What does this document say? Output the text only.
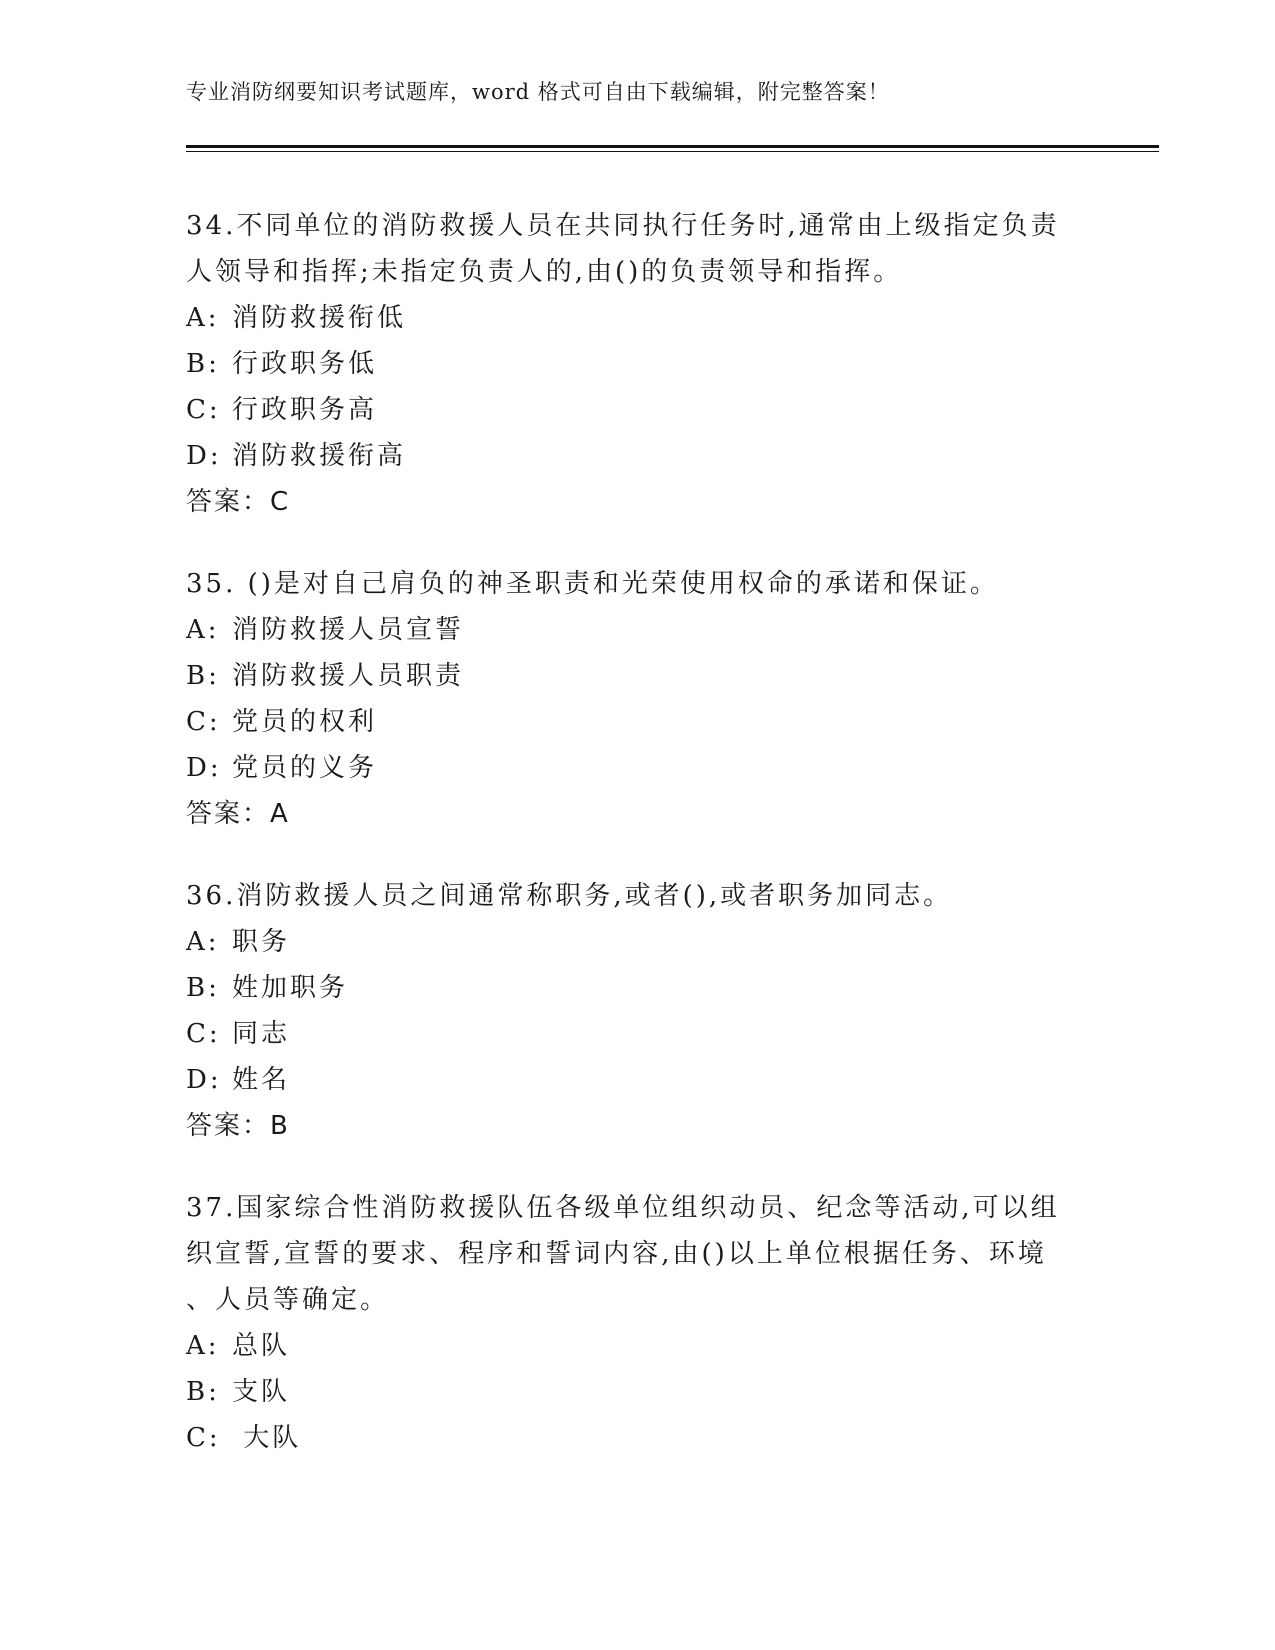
专业消防纲要知识考试题库，word 格式可自由下载编辑，附完整答案！
34.不同单位的消防救援人员在共同执行任务时,通常由上级指定负责
人领导和指挥;未指定负责人的,由()的负责领导和指挥。
A: 消防救援衔低
B: 行政职务低
C: 行政职务高
D: 消防救援衔高
答案：C
35. ()是对自己肩负的神圣职责和光荣使用权命的承诺和保证。
A: 消防救援人员宣誓
B: 消防救援人员职责
C: 党员的权利
D: 党员的义务
答案：A
36.消防救援人员之间通常称职务,或者(),或者职务加同志。
A: 职务
B: 姓加职务
C: 同志
D: 姓名
答案：B
37.国家综合性消防救援队伍各级单位组织动员、纪念等活动,可以组
织宣誓,宣誓的要求、程序和誓词内容,由()以上单位根据任务、环境
、人员等确定。
A: 总队
B: 支队
C: 大队
